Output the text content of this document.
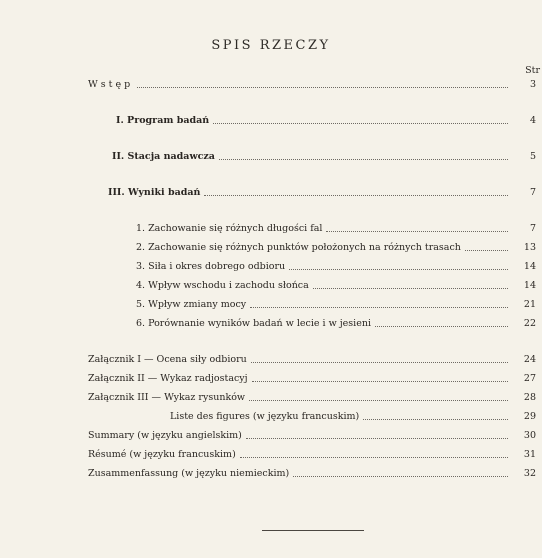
SPIS RZECZY
Str
Wstęp	3
I. Program badań	4
II. Stacja nadawcza	5
III. Wyniki badań	7
1. Zachowanie się różnych długości fal	7
2. Zachowanie się różnych punktów położonych na różnych trasach	13
3. Siła i okres dobrego odbioru	14
4. Wpływ wschodu i zachodu słońca	14
5. Wpływ zmiany mocy	21
6. Porównanie wyników badań w lecie i w jesieni	22
Załącznik I — Ocena siły odbioru	24
Załącznik II — Wykaz radjostacyj	27
Załącznik III — Wykaz rysunków	28
Liste des figures (w języku francuskim)	29
Summary (w języku angielskim)	30
Résumé (w języku francuskim)	31
Zusammenfassung (w języku niemieckim)	32
